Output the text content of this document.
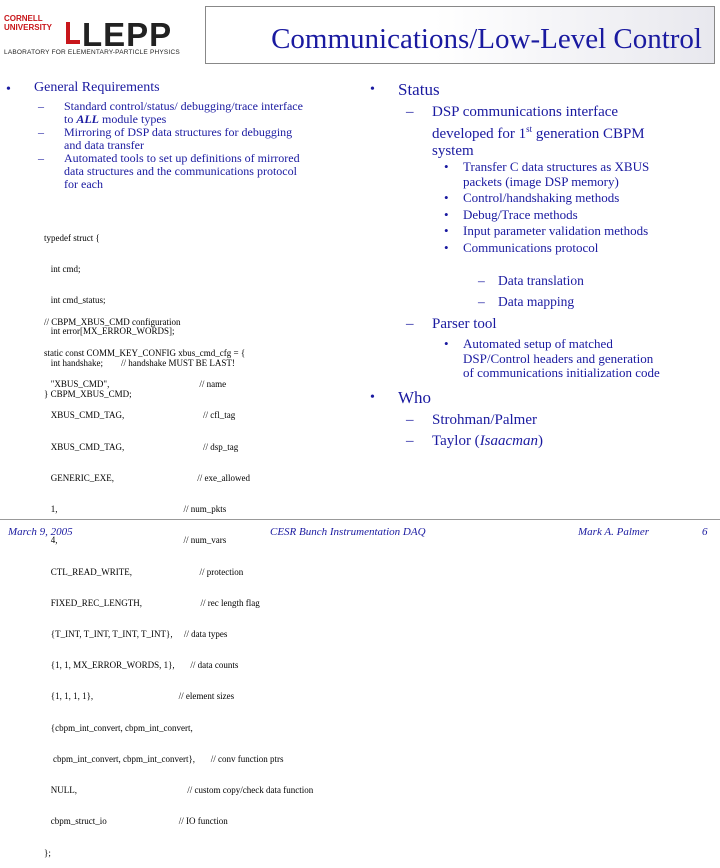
CORNELL
UNIVERSITY LEPP
LABORATORY FOR ELEMENTARY-PARTICLE PHYSICS	Communications/Low-Level Control
• General Requirements
– Standard control/status/ debugging/trace interface
to ALL module types
– Mirroring of DSP data structures for debugging
and data transfer
– Automated tools to set up definitions of mirrored
data structures and the communications protocol
for each

typedef struct {

int cmd;

int cmd_status;

int error[MX_ERROR_WORDS];

int handshake;        // handshake MUST BE LAST!

} CBPM_XBUS_CMD;

// CBPM_XBUS_CMD configuration

static const COMM_KEY_CONFIG xbus_cmd_cfg = {

"XBUS_CMD",                                        // name

XBUS_CMD_TAG,                                   // cfl_tag

XBUS_CMD_TAG,                                   // dsp_tag

GENERIC_EXE,                                     // exe_allowed

1,                                                        // num_pkts

4,                                                        // num_vars

CTL_READ_WRITE,                              // protection

FIXED_REC_LENGTH,                          // rec length flag

{T_INT, T_INT, T_INT, T_INT},     // data types

{1, 1, MX_ERROR_WORDS, 1},       // data counts

{1, 1, 1, 1},                                      // element sizes

{cbpm_int_convert, cbpm_int_convert,

cbpm_int_convert, cbpm_int_convert},       // conv function ptrs

NULL,                                                 // custom copy/check data function

cbpm_struct_io                                // IO function

};

• Status
– DSP communications interface
developed for 1st generation CBPM
system
• Transfer C data structures as XBUS
packets (image DSP memory)
• Control/handshaking methods
• Debug/Trace methods
• Input parameter validation methods
• Communications protocol
– Data translation
– Data mapping
– Parser tool
• Automated setup of matched
DSP/Control headers and generation
of communications initialization code
• Who
– Strohman/Palmer
– Taylor (Isaacman)
March 9, 2005	CESR Bunch Instrumentation DAQ	Mark A. Palmer	6
